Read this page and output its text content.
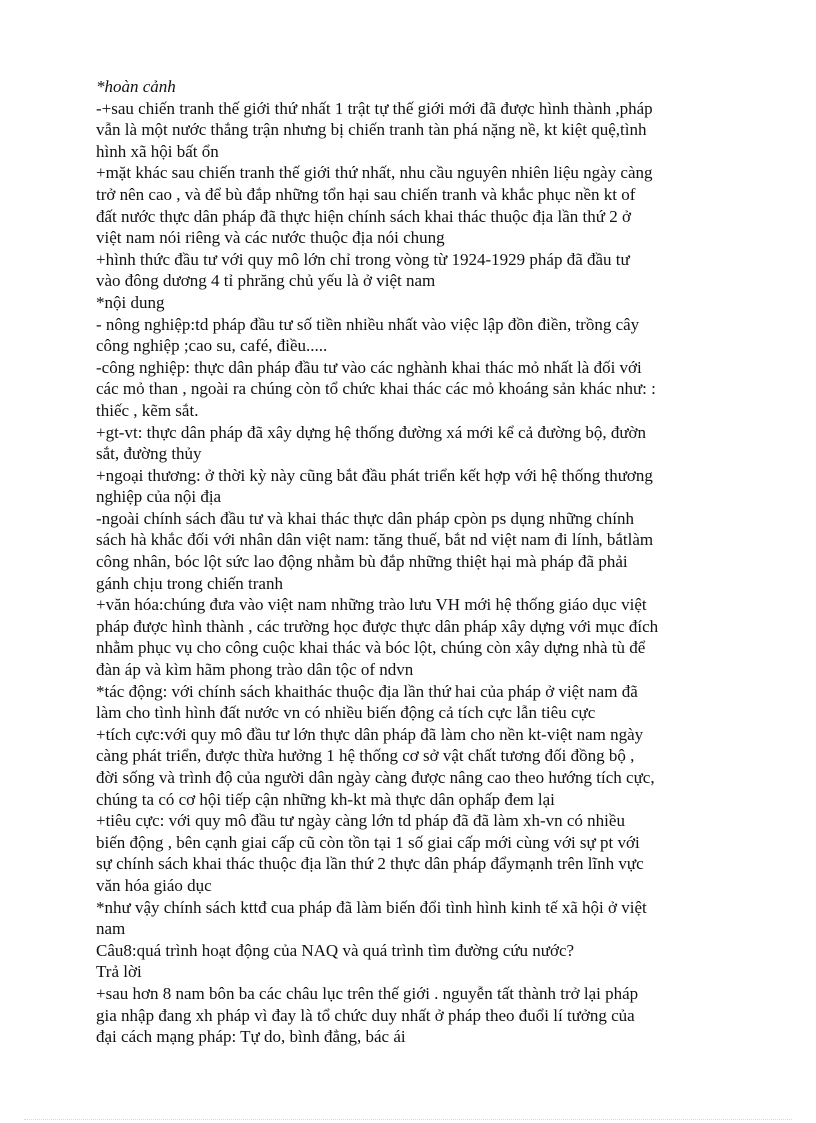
*hoàn cảnh

-+sau chiến tranh thế giới thứ nhất 1 trật tự thế giới mới đã được hình thành ,pháp

vẫn là một nước thắng trận nhưng bị chiến tranh tàn phá nặng nề, kt kiệt quệ,tình

hình xã hội bất ổn

+mặt khác sau chiến tranh thế giới thứ nhất, nhu cầu nguyên nhiên liệu ngày càng

trở nên cao , và để bù đắp những tổn hại sau chiến tranh và khắc phục nền kt of

đất nước thực dân pháp đã thực hiện chính sách khai thác thuộc địa lần thứ 2 ở

việt nam nói riêng và các nước thuộc địa nói chung

+hình thức đầu tư với quy mô lớn chỉ trong vòng từ 1924-1929 pháp đã đầu tư

vào đông dương 4 tỉ phrăng chủ yếu là ở việt nam

*nội dung

- nông nghiệp:td pháp đầu tư số tiền nhiều nhất vào việc lập đồn điền, trồng cây

công nghiệp ;cao su, café, điều.....

-công nghiệp: thực dân pháp đầu tư vào các nghành khai thác mỏ nhất là đối với

các mỏ than , ngoài ra chúng còn tổ chức khai thác các mỏ khoáng sản khác như: :

thiếc , kẽm sắt.

+gt-vt: thực dân pháp đã xây dựng hệ thống đường xá mới kể cả đường bộ, đườn

sắt, đường thủy

+ngoại thương: ở thời kỳ này cũng bắt đầu phát triển kết hợp với hệ thống thương

nghiệp của nội địa

-ngoài chính sách đầu tư và khai thác thực dân pháp cpòn ps dụng những chính

sách hà khắc đối với nhân dân việt nam: tăng thuế, bắt nd việt nam đi lính, bắtlàm

công nhân, bóc lột sức lao động nhằm bù đắp những thiệt hại mà pháp đã phải

gánh chịu trong chiến tranh

+văn hóa:chúng đưa vào việt nam những trào lưu VH mới hệ thống giáo dục việt

pháp được hình thành , các trường học được thực dân pháp xây dựng với mục đích

nhằm phục vụ cho công cuộc khai thác và bóc lột, chúng còn xây dựng nhà tù để

đàn áp và kìm hãm phong trào dân tộc of ndvn

*tác động: với chính sách khaithác thuộc địa lần thứ hai của pháp ở việt nam đã

làm cho tình hình đất nước vn có nhiều biến động cả tích cực lẫn tiêu cực

+tích cực:với quy mô đầu tư lớn thực dân pháp đã làm cho nền kt-việt nam ngày

càng phát triển, được thừa hưởng 1 hệ thống cơ sở vật chất tương đối đồng bộ ,

đời sống và trình độ của người dân ngày càng được nâng cao theo hướng tích cực,

chúng ta có cơ hội tiếp cận những kh-kt mà thực dân ophấp đem lại

+tiêu cực: với quy mô đầu tư ngày càng lớn td pháp đã đã làm xh-vn có nhiều

biến động , bên cạnh giai cấp cũ còn tồn tại 1 số giai cấp mới cùng với sự pt với

sự chính sách khai thác thuộc địa lần thứ 2 thực dân pháp đẩymạnh trên lĩnh vực

văn hóa giáo dục

*như vậy chính sách kttđ cua pháp đã làm biến đổi tình hình kinh tế xã hội ở việt

nam

Câu8:quá trình hoạt động của NAQ và quá trình tìm đường cứu nước?

Trả lời

+sau hơn 8 nam bôn ba các châu lục trên thế giới . nguyễn tất thành trở lại pháp

gia nhập đang xh pháp vì đay là tổ chức duy nhất ở pháp theo đuổi lí tưởng của

đại cách mạng pháp: Tự do, bình đẳng, bác ái
